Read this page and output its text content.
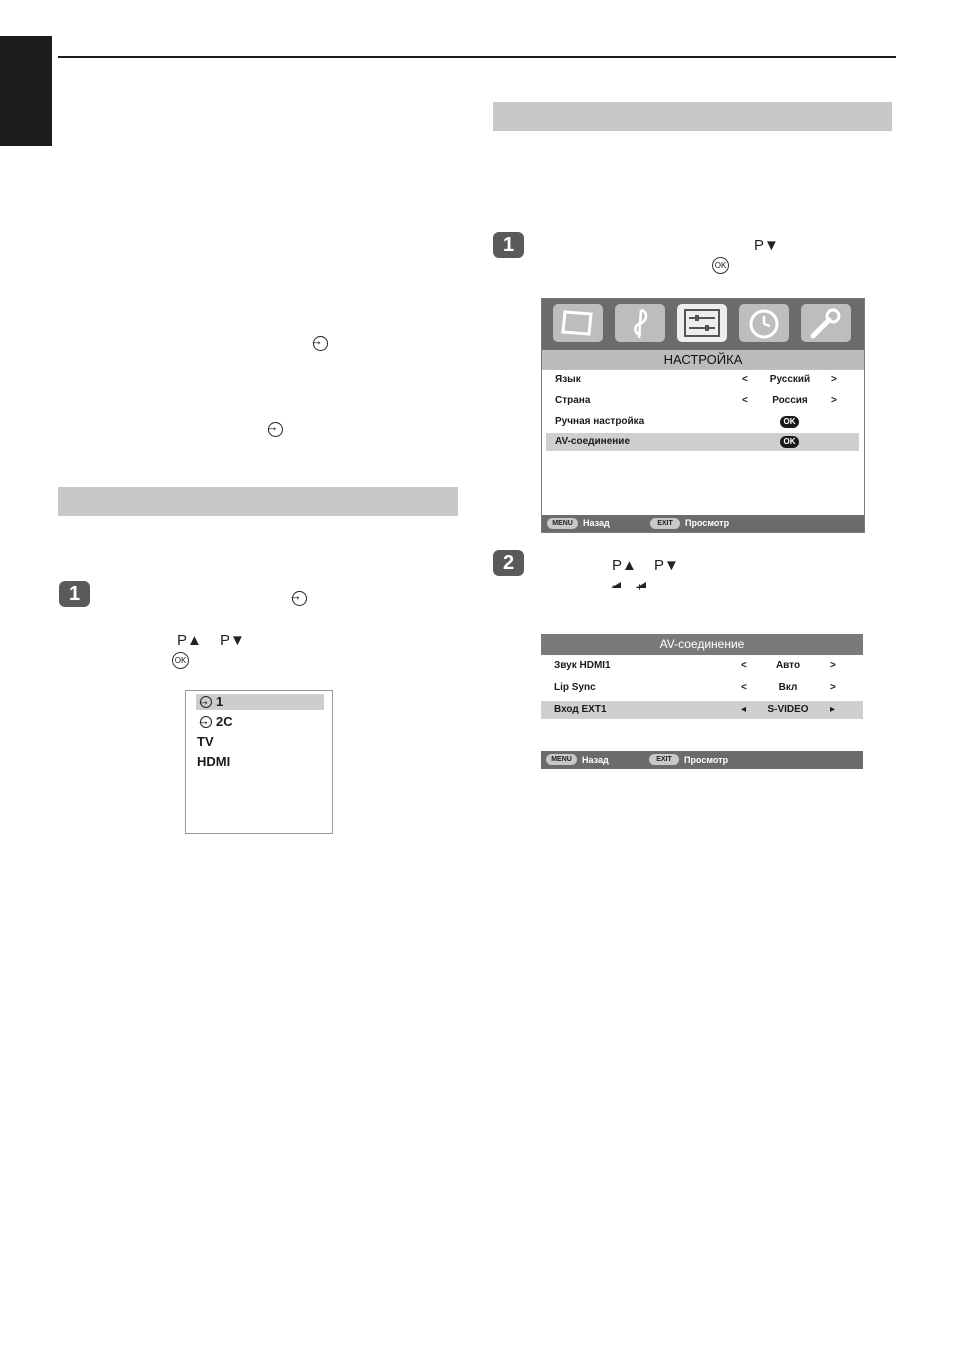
→ →
1
→
P▲ P▼
OK
→1
→2C
TV
HDMI
1	P▼
OK
НАСТРОЙКА
Язык	<	Русский	>
Страна	<	Россия	>
Ручная настройка	OK
AV-соединение	OK
MENU	Назад	EXIT	Просмотр
2	P▲ P▼
− +
AV-соединение
Звук HDMI1	<	Авто	>
Lip Sync	<	Вкл	>
Вход EXT1	◂	S-VIDEO	▸
MENU	Назад	EXIT	Просмотр
